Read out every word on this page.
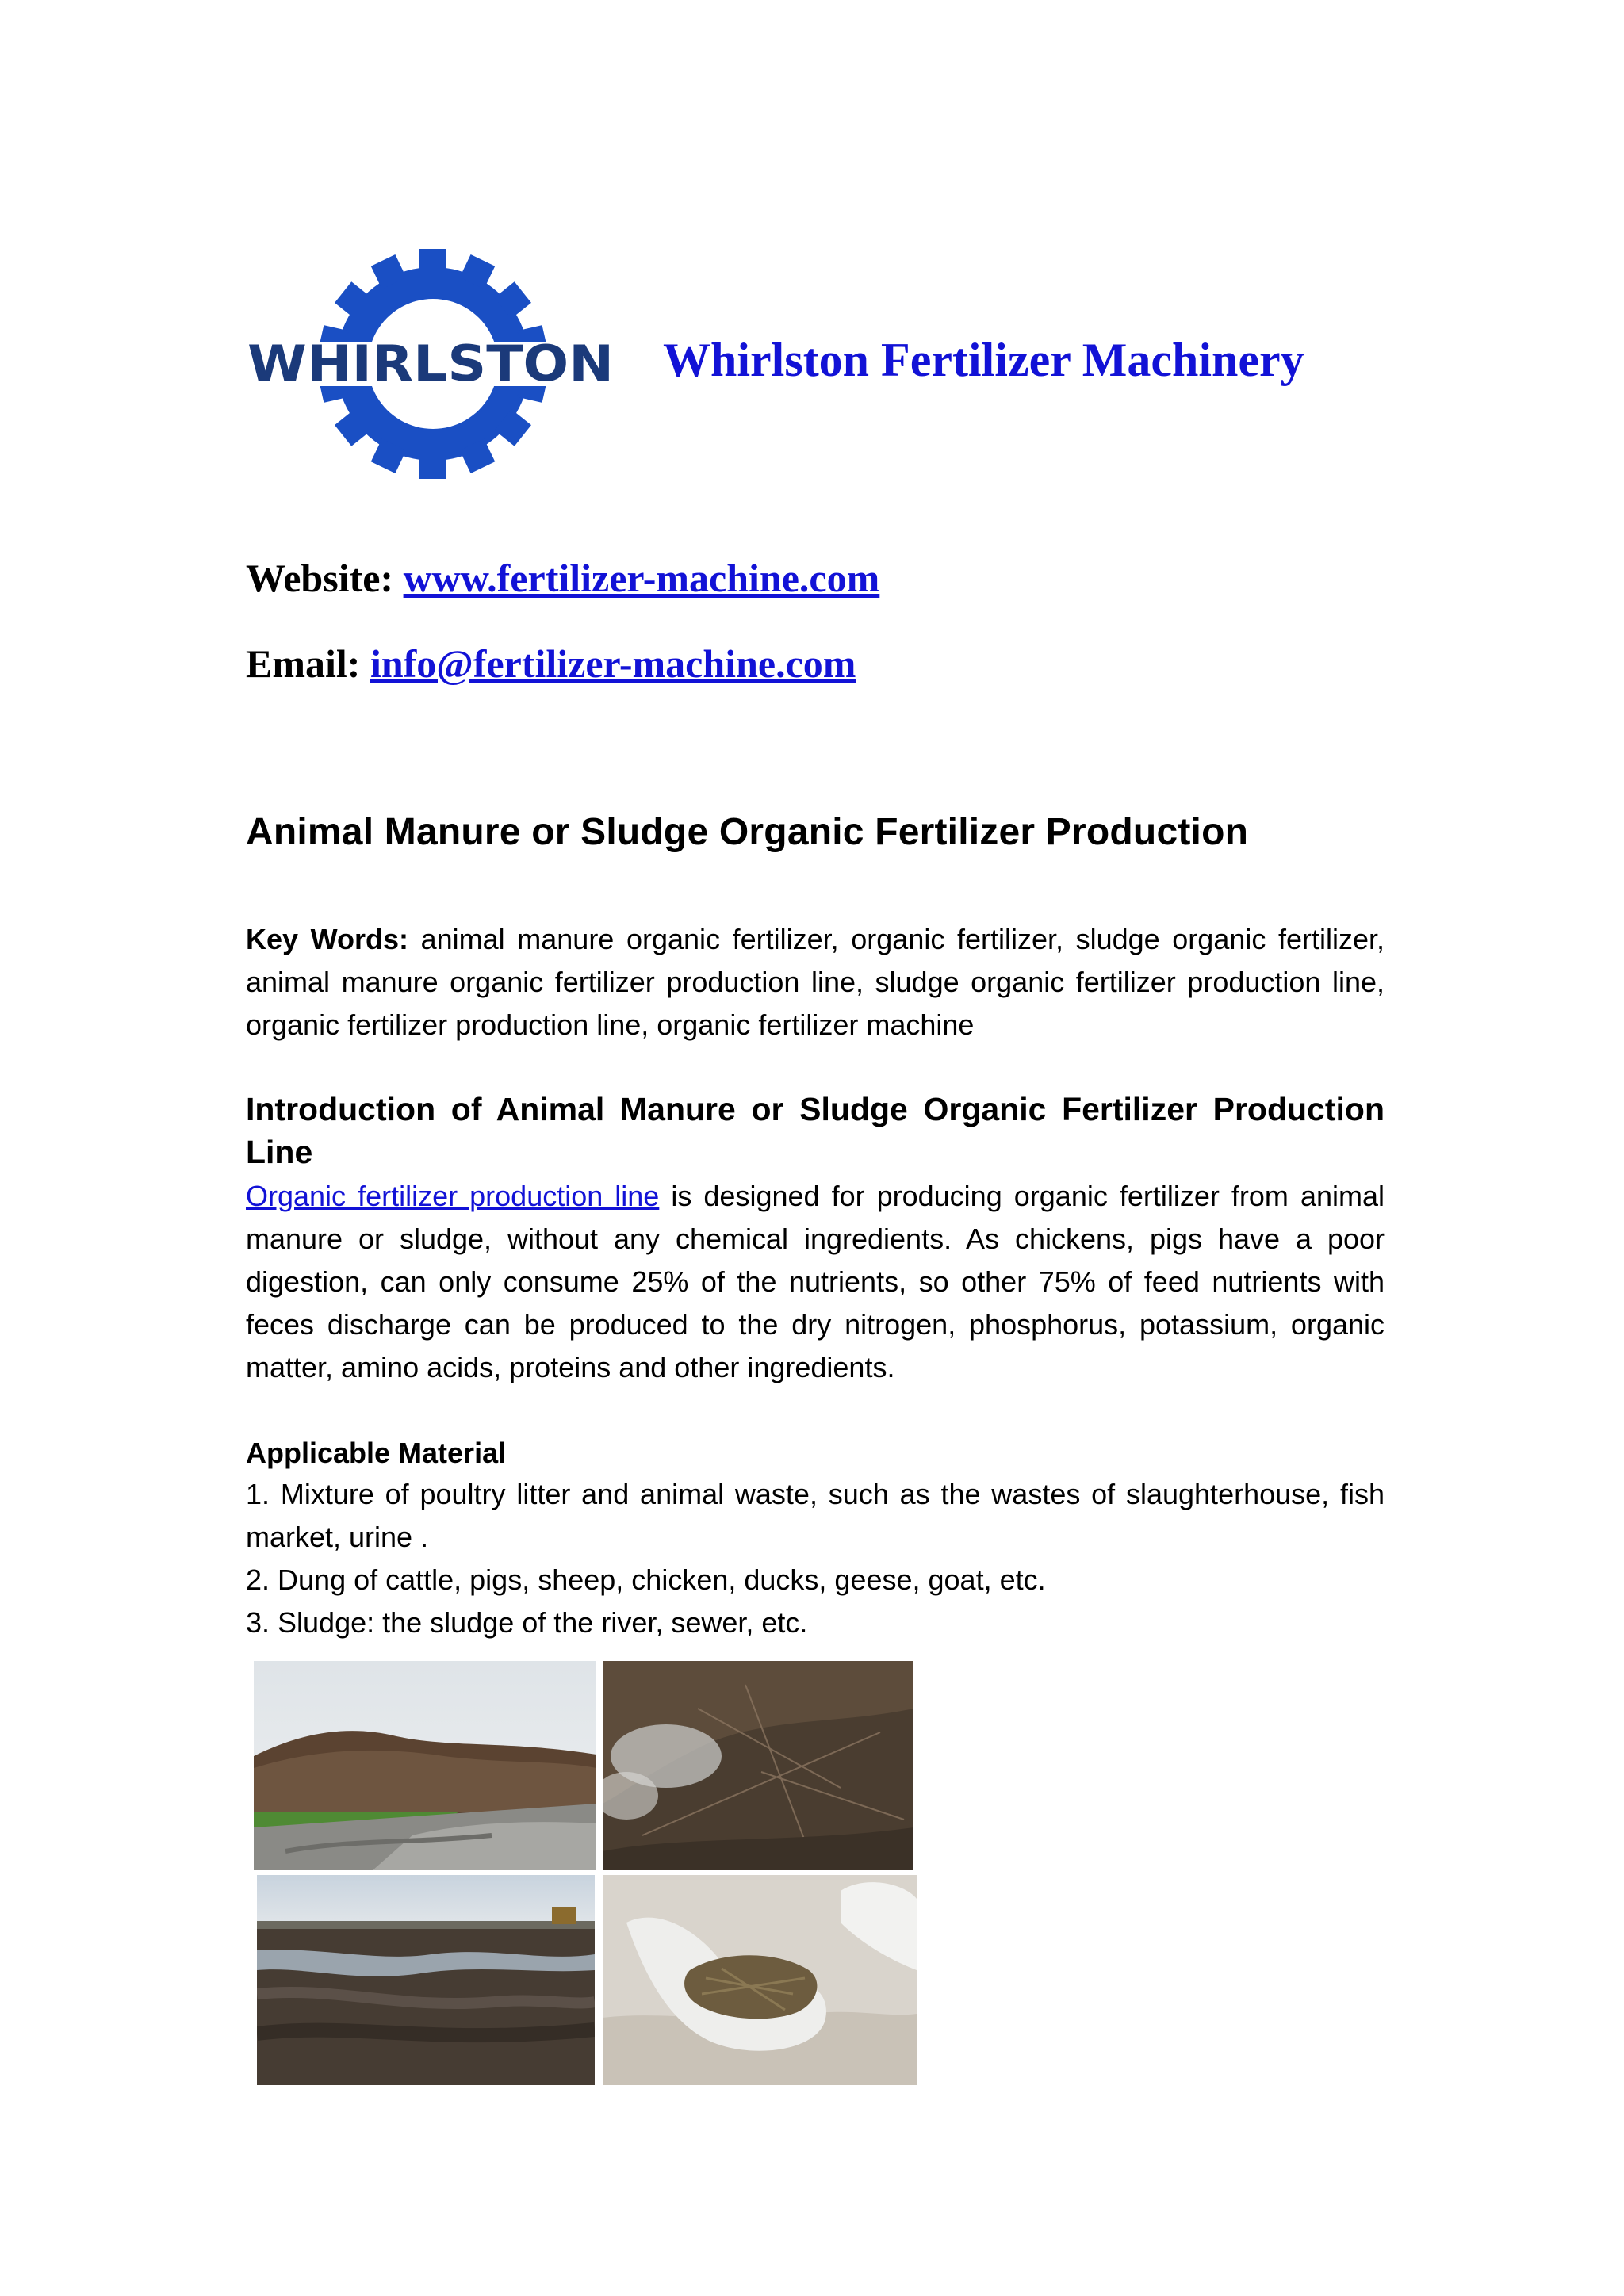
WHIRLSTON Whirlston Fertilizer Machinery
Website: www.fertilizer-machine.com
Email: info@fertilizer-machine.com
Animal Manure or Sludge Organic Fertilizer Production
Key Words: animal manure organic fertilizer, organic fertilizer, sludge organic fertilizer, animal manure organic fertilizer production line, sludge organic fertilizer production line, organic fertilizer production line, organic fertilizer machine
Introduction of Animal Manure or Sludge Organic Fertilizer Production Line
Organic fertilizer production line is designed for producing organic fertilizer from animal manure or sludge, without any chemical ingredients. As chickens, pigs have a poor digestion, can only consume 25% of the nutrients, so other 75% of feed nutrients with feces discharge can be produced to the dry nitrogen, phosphorus, potassium, organic matter, amino acids, proteins and other ingredients.
Applicable Material
1. Mixture of poultry litter and animal waste, such as the wastes of slaughterhouse, fish market, urine .
2. Dung of cattle, pigs, sheep, chicken, ducks, geese, goat, etc.
3. Sludge: the sludge of the river, sewer, etc.
